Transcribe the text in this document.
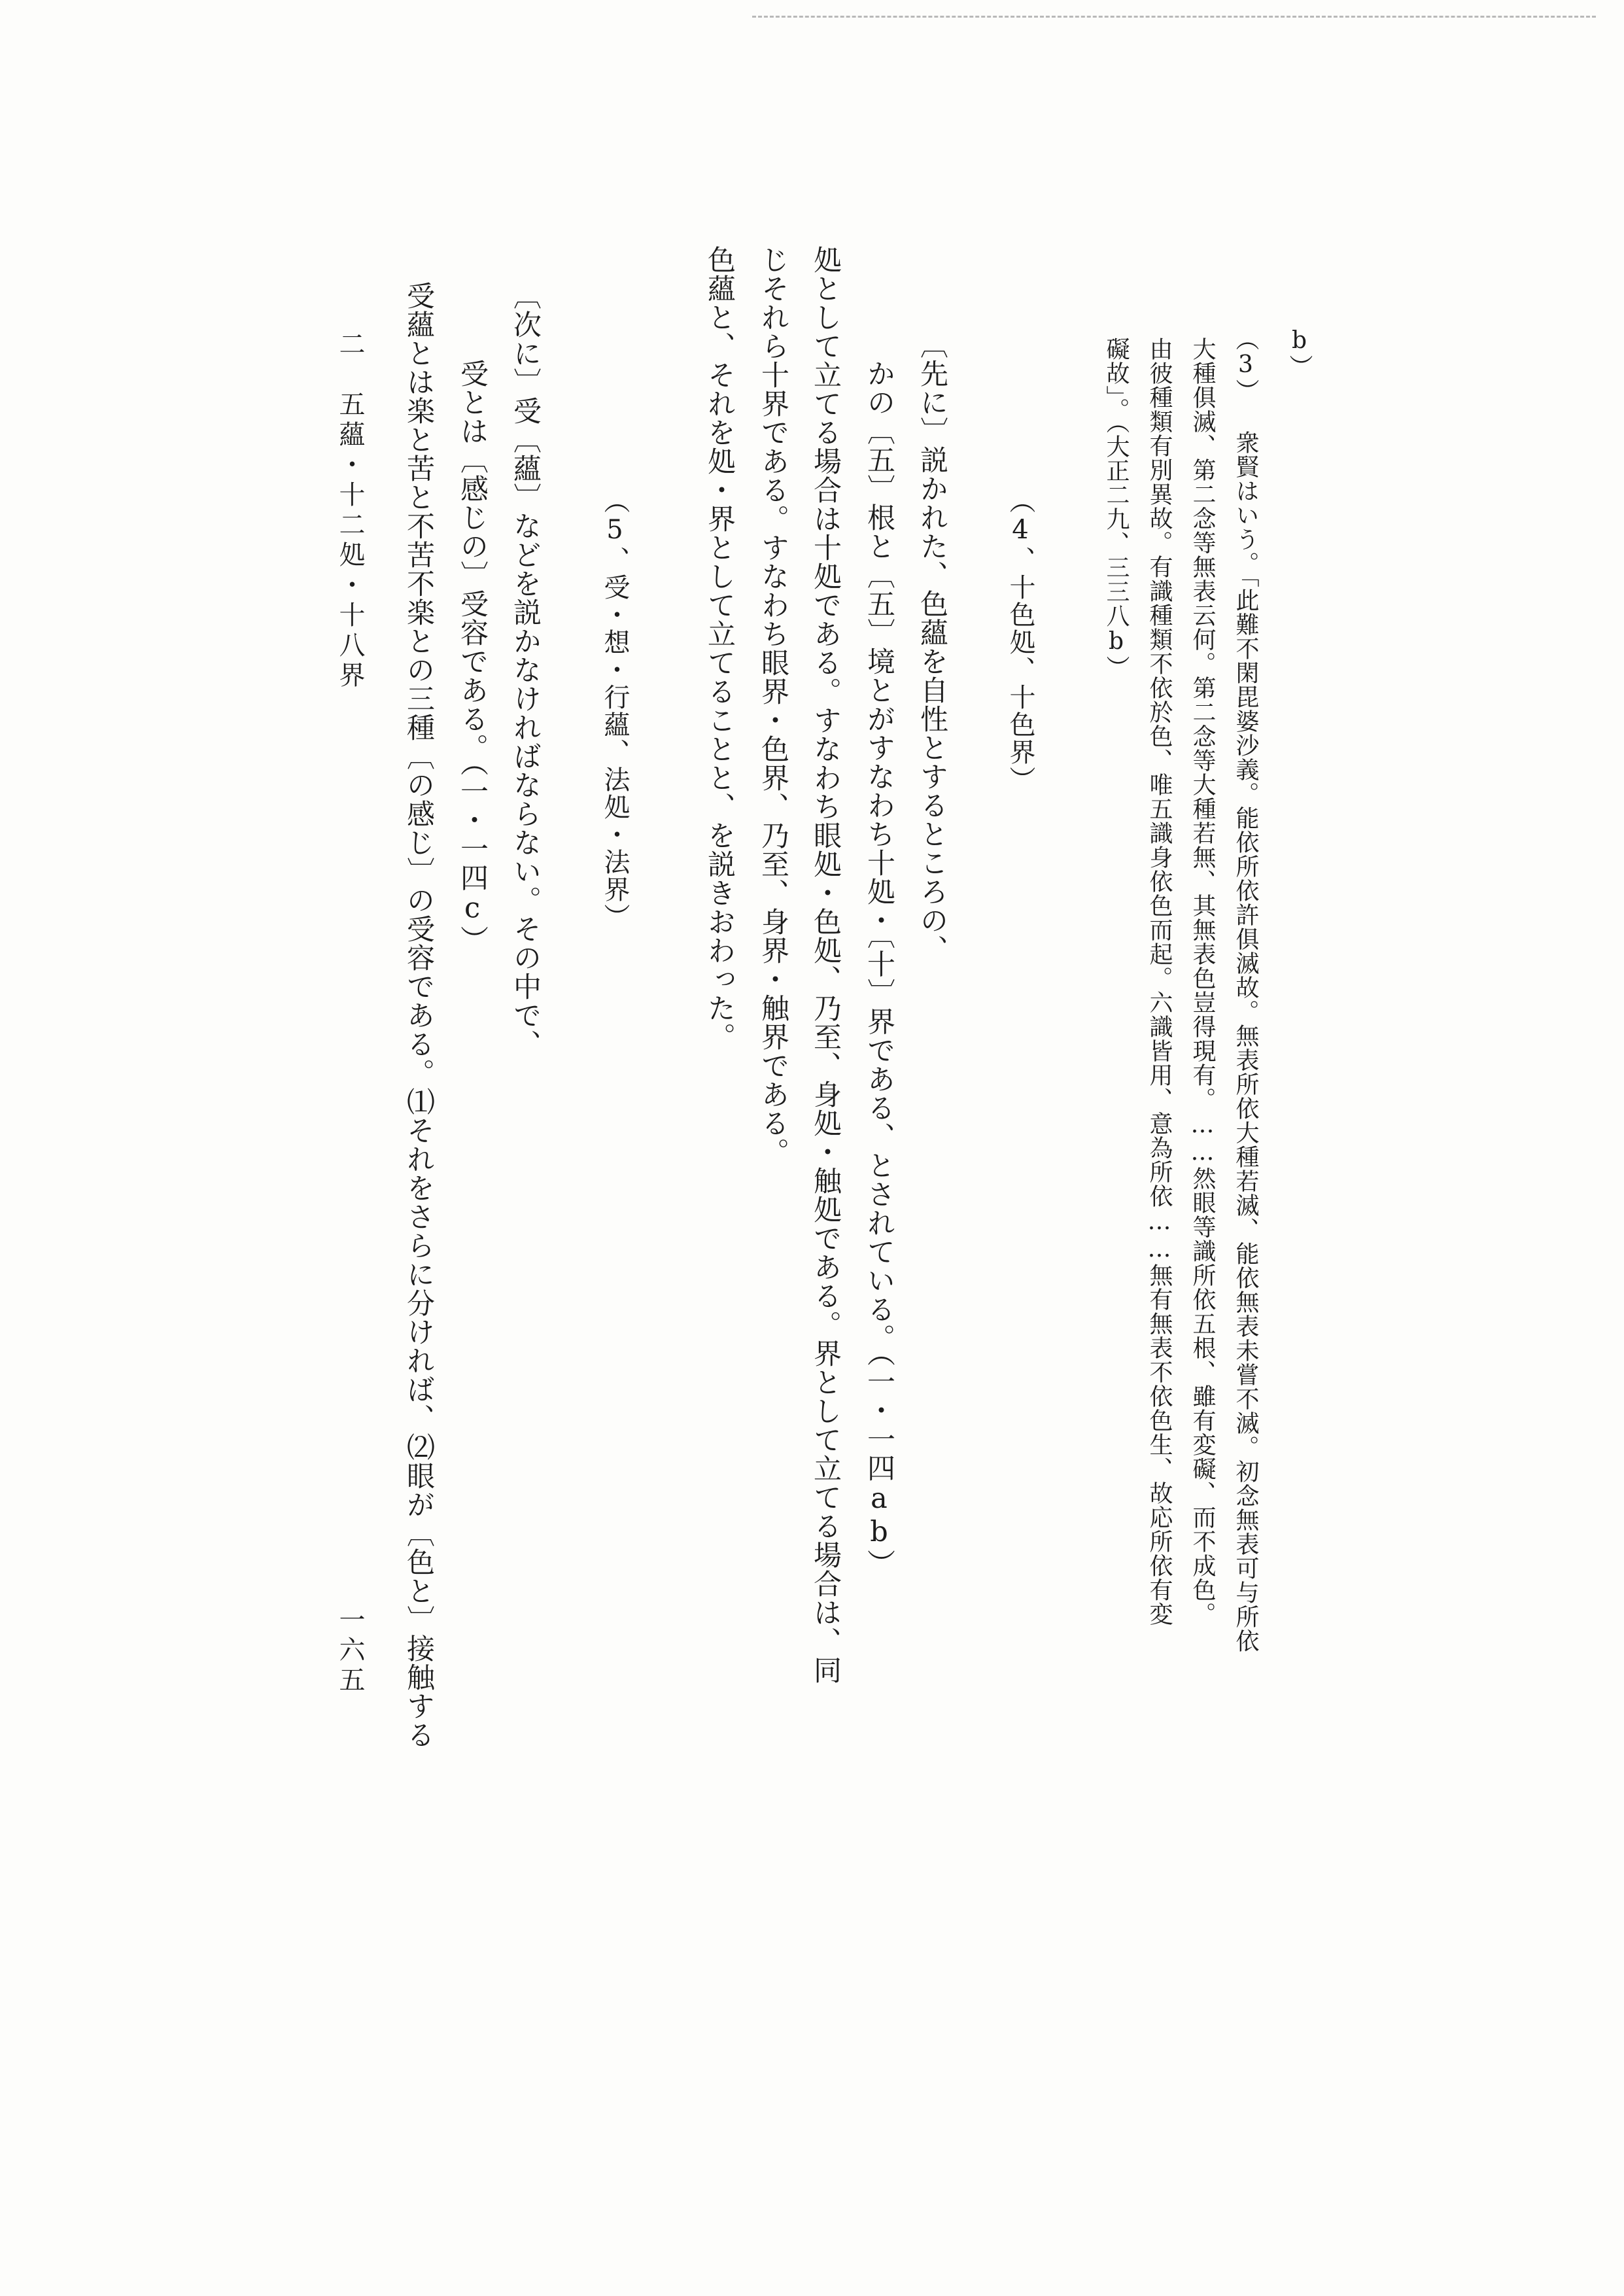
b）
（3） 衆賢はいう。「此難不閑毘婆沙義。能依所依許俱滅故。無表所依大種若滅、能依無表未嘗不滅。初念無表可与所依
大種俱滅、第二念等無表云何。第二念等大種若無、其無表色豈得現有。……然眼等識所依五根、雖有変礙、而不成色。
由彼種類有別異故。有識種類不依於色、唯五識身依色而起。六識皆用、意為所依……無有無表不依色生、故応所依有変
礙故」。（大正二九、三三八b）
（4、十色処、十色界）
〔先に〕説かれた、色蘊を自性とするところの、
　かの〔五〕根と〔五〕境とがすなわち十処・〔十〕界である、とされている。（一・一四ab）
処として立てる場合は十処である。すなわち眼処・色処、乃至、身処・触処である。界として立てる場合は、同
じそれら十界である。すなわち眼界・色界、乃至、身界・触界である。
色蘊と、それを処・界として立てることと、を説きおわった。
（5、受・想・行蘊、法処・法界）
〔次に〕受〔蘊〕などを説かなければならない。その中で、
　受とは〔感じの〕受容である。（一・一四c）
受蘊とは楽と苦と不苦不楽との三種〔の感じ〕の受容である。⑴それをさらに分ければ、⑵眼が〔色と〕接触する
二　五蘊・十二処・十八界
一六五
